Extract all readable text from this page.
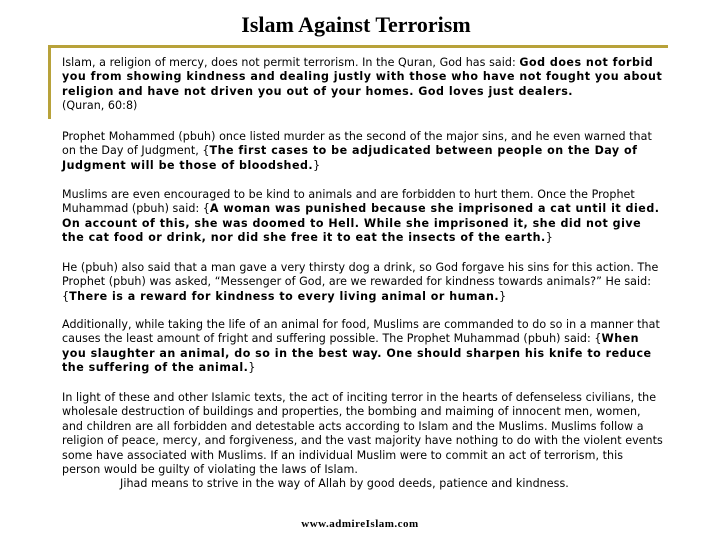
Islam Against Terrorism

Islam, a religion of mercy, does not permit terrorism. In the Quran, God has said: God does not forbid you from showing kindness and dealing justly with those who have not fought you about religion and have not driven you out of your homes. God loves just dealers.
(Quran, 60:8)

Prophet Mohammed (pbuh) once listed murder as the second of the major sins, and he even warned that on the Day of Judgment, {The first cases to be adjudicated between people on the Day of Judgment will be those of bloodshed.}

Muslims are even encouraged to be kind to animals and are forbidden to hurt them. Once the Prophet Muhammad (pbuh) said: {A woman was punished because she imprisoned a cat until it died. On account of this, she was doomed to Hell. While she imprisoned it, she did not give the cat food or drink, nor did she free it to eat the insects of the earth.}

He (pbuh) also said that a man gave a very thirsty dog a drink, so God forgave his sins for this action. The Prophet (pbuh) was asked, “Messenger of God, are we rewarded for kindness towards animals?” He said: {There is a reward for kindness to every living animal or human.}

Additionally, while taking the life of an animal for food, Muslims are commanded to do so in a manner that causes the least amount of fright and suffering possible. The Prophet Muhammad (pbuh) said: {When you slaughter an animal, do so in the best way. One should sharpen his knife to reduce the suffering of the animal.}

In light of these and other Islamic texts, the act of inciting terror in the hearts of defenseless civilians, the wholesale destruction of buildings and properties, the bombing and maiming of innocent men, women, and children are all forbidden and detestable acts according to Islam and the Muslims. Muslims follow a religion of peace, mercy, and forgiveness, and the vast majority have nothing to do with the violent events some have associated with Muslims. If an individual Muslim were to commit an act of terrorism, this person would be guilty of violating the laws of Islam.
Jihad means to strive in the way of Allah by good deeds, patience and kindness.

www.admireIslam.com
